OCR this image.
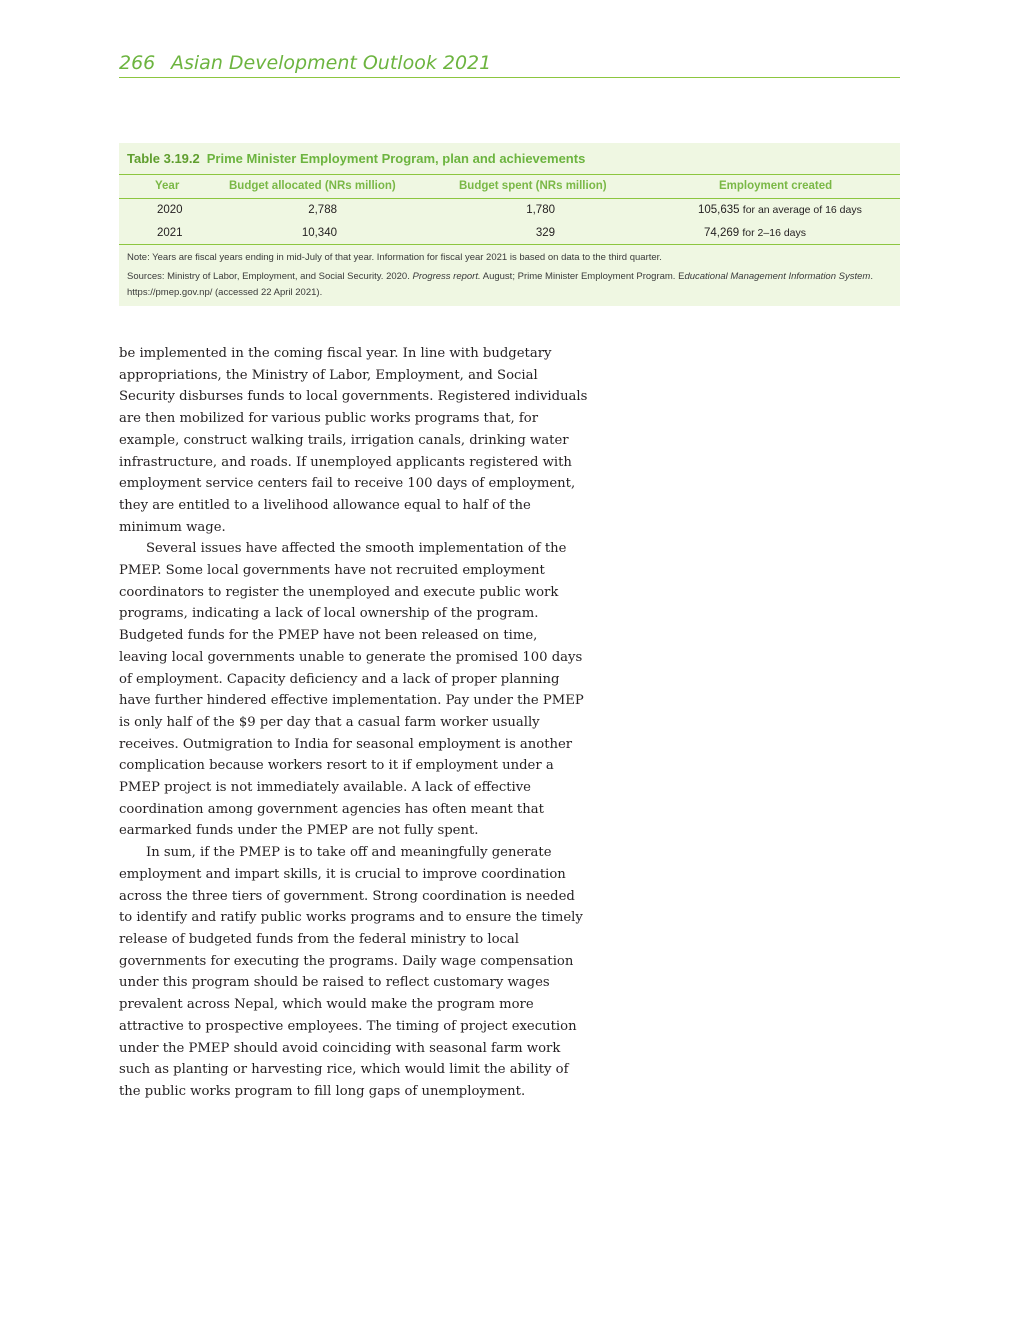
266 Asian Development Outlook 2021
Table 3.19.2 Prime Minister Employment Program, plan and achievements
Year	Budget allocated (NRs million)	Budget spent (NRs million)	Employment created
2020	2,788	1,780	105,635 for an average of 16 days
2021	10,340	329	74,269 for 2–16 days
Note: Years are fiscal years ending in mid-July of that year. Information for fiscal year 2021 is based on data to the third quarter.
Sources: Ministry of Labor, Employment, and Social Security. 2020. Progress report. August; Prime Minister Employment Program. Educational Management Information System. https://pmep.gov.np/ (accessed 22 April 2021).

be implemented in the coming fiscal year. In line with budgetary appropriations, the Ministry of Labor, Employment, and Social Security disburses funds to local governments. Registered individuals are then mobilized for various public works programs that, for example, construct walking trails, irrigation canals, drinking water infrastructure, and roads. If unemployed applicants registered with employment service centers fail to receive 100 days of employment, they are entitled to a livelihood allowance equal to half of the minimum wage.

Several issues have affected the smooth implementation of the PMEP. Some local governments have not recruited employment coordinators to register the unemployed and execute public work programs, indicating a lack of local ownership of the program. Budgeted funds for the PMEP have not been released on time, leaving local governments unable to generate the promised 100 days of employment. Capacity deficiency and a lack of proper planning have further hindered effective implementation. Pay under the PMEP is only half of the $9 per day that a casual farm worker usually receives. Outmigration to India for seasonal employment is another complication because workers resort to it if employment under a PMEP project is not immediately available. A lack of effective coordination among government agencies has often meant that earmarked funds under the PMEP are not fully spent.

In sum, if the PMEP is to take off and meaningfully generate employment and impart skills, it is crucial to improve coordination across the three tiers of government. Strong coordination is needed to identify and ratify public works programs and to ensure the timely release of budgeted funds from the federal ministry to local governments for executing the programs. Daily wage compensation under this program should be raised to reflect customary wages prevalent across Nepal, which would make the program more attractive to prospective employees. The timing of project execution under the PMEP should avoid coinciding with seasonal farm work such as planting or harvesting rice, which would limit the ability of the public works program to fill long gaps of unemployment.
